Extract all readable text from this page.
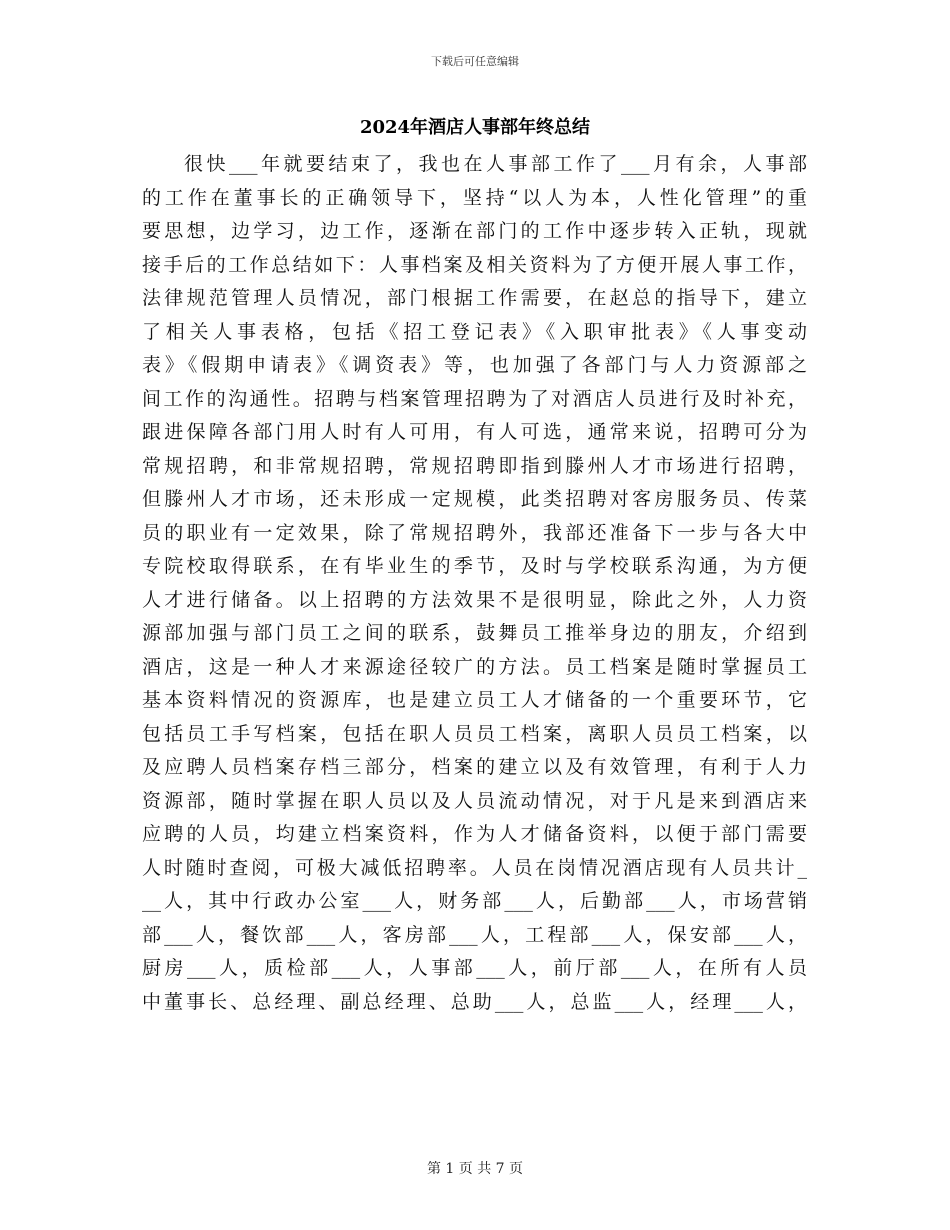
下载后可任意编辑
2024年酒店人事部年终总结
很快___年就要结束了，我也在人事部工作了___月有余，人事部
的工作在董事长的正确领导下，坚持“以人为本，人性化管理”的重
要思想，边学习，边工作，逐渐在部门的工作中逐步转入正轨，现就
接手后的工作总结如下：人事档案及相关资料为了方便开展人事工作，
法律规范管理人员情况，部门根据工作需要，在赵总的指导下，建立
了相关人事表格，包括《招工登记表》《入职审批表》《人事变动
表》《假期申请表》《调资表》等，也加强了各部门与人力资源部之
间工作的沟通性。招聘与档案管理招聘为了对酒店人员进行及时补充，
跟进保障各部门用人时有人可用，有人可选，通常来说，招聘可分为
常规招聘，和非常规招聘，常规招聘即指到滕州人才市场进行招聘，
但滕州人才市场，还未形成一定规模，此类招聘对客房服务员、传菜
员的职业有一定效果，除了常规招聘外，我部还准备下一步与各大中
专院校取得联系，在有毕业生的季节，及时与学校联系沟通，为方便
人才进行储备。以上招聘的方法效果不是很明显，除此之外，人力资
源部加强与部门员工之间的联系，鼓舞员工推举身边的朋友，介绍到
酒店，这是一种人才来源途径较广的方法。员工档案是随时掌握员工
基本资料情况的资源库，也是建立员工人才储备的一个重要环节，它
包括员工手写档案，包括在职人员员工档案，离职人员员工档案，以
及应聘人员档案存档三部分，档案的建立以及有效管理，有利于人力
资源部，随时掌握在职人员以及人员流动情况，对于凡是来到酒店来
应聘的人员，均建立档案资料，作为人才储备资料，以便于部门需要
人时随时查阅，可极大减低招聘率。人员在岗情况酒店现有人员共计_
__人，其中行政办公室___人，财务部___人，后勤部___人，市场营销
部___人，餐饮部___人，客房部___人，工程部___人，保安部___人，
厨房___人，质检部___人，人事部___人，前厅部___人，在所有人员
中董事长、总经理、副总经理、总助___人，总监___人，经理___人，
第 1 页 共 7 页
